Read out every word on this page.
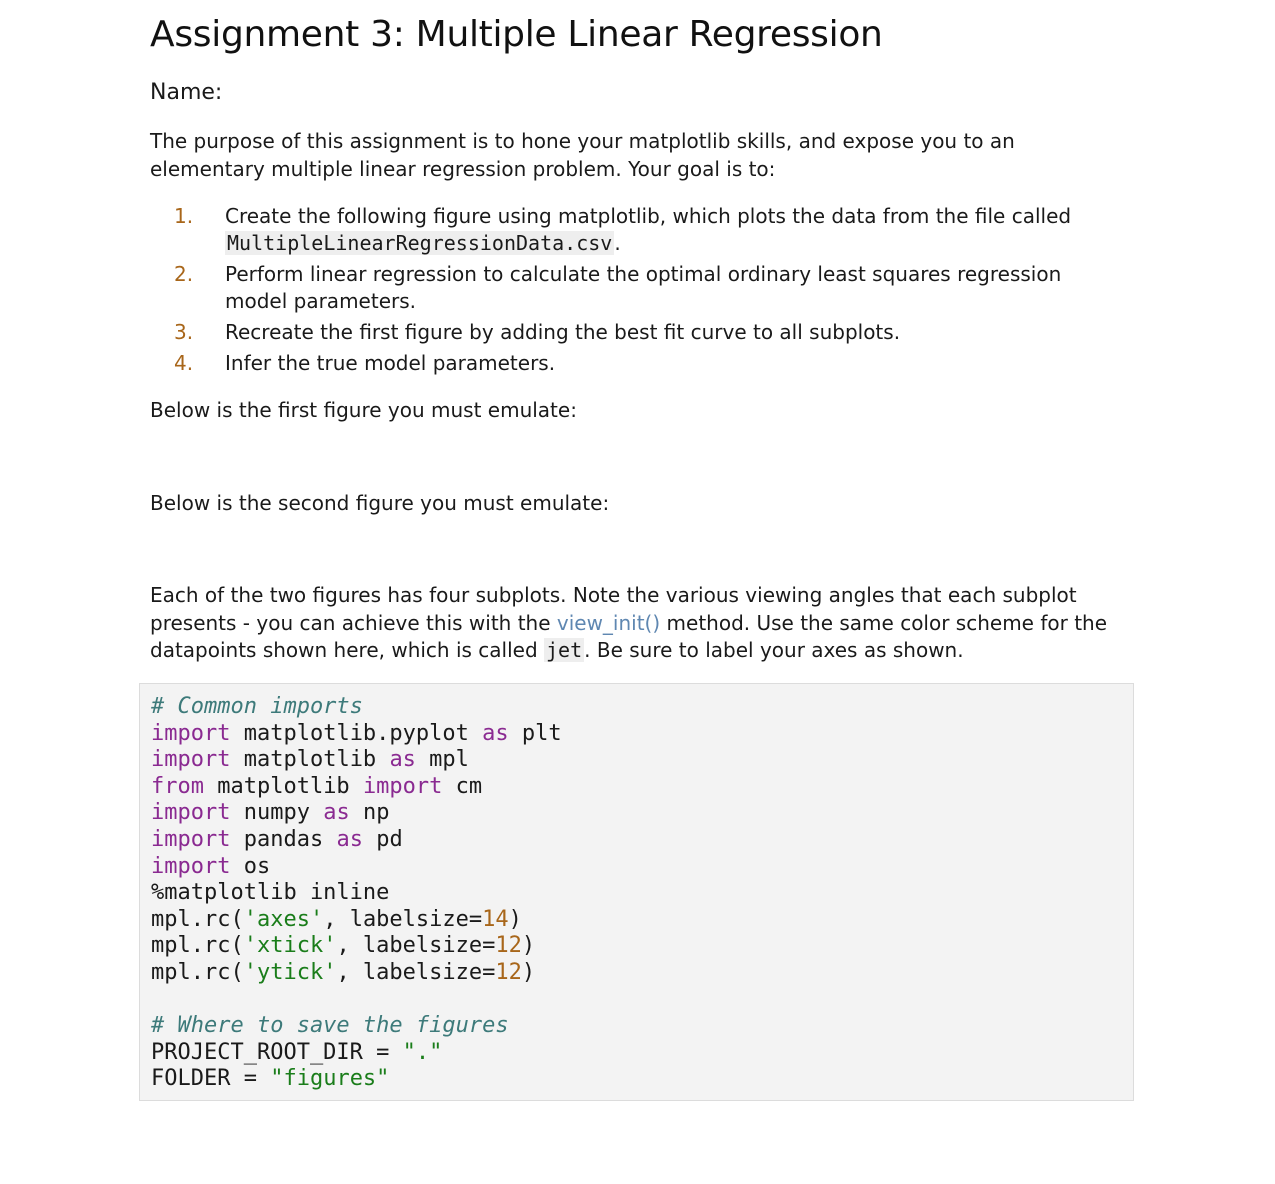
Assignment 3: Multiple Linear Regression
Name:
The purpose of this assignment is to hone your matplotlib skills, and expose you to an elementary multiple linear regression problem. Your goal is to:
1. Create the following figure using matplotlib, which plots the data from the file called MultipleLinearRegressionData.csv .
2. Perform linear regression to calculate the optimal ordinary least squares regression model parameters.
3. Recreate the first figure by adding the best fit curve to all subplots.
4. Infer the true model parameters.
Below is the first figure you must emulate:
Below is the second figure you must emulate:
Each of the two figures has four subplots. Note the various viewing angles that each subplot presents - you can achieve this with the view_init() method. Use the same color scheme for the datapoints shown here, which is called jet . Be sure to label your axes as shown.
# Common imports
import matplotlib.pyplot as plt
import matplotlib as mpl
from matplotlib import cm
import numpy as np
import pandas as pd
import os
%matplotlib inline
mpl.rc('axes', labelsize=14)
mpl.rc('xtick', labelsize=12)
mpl.rc('ytick', labelsize=12)

# Where to save the figures
PROJECT_ROOT_DIR = "."
FOLDER = "figures"
